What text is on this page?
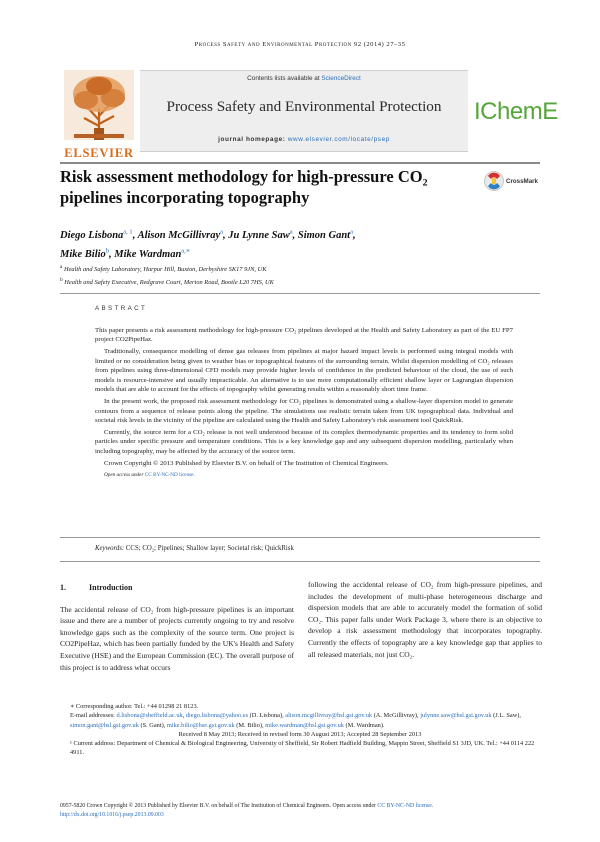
Process Safety and Environmental Protection 92 (2014) 27–35
ELSEVIER
Contents lists available at ScienceDirect
Process Safety and Environmental Protection
journal homepage: www.elsevier.com/locate/psep
IChemE
Risk assessment methodology for high-pressure CO₂ pipelines incorporating topography
CrossMark
Diego Lisbona$^{a, 1}$, Alison McGillivray$^a$, Ju Lynne Saw$^a$, Simon Gant$^a$,
Mike Bilio$^b$, Mike Wardman$^{a,∗}$
$^a$ Health and Safety Laboratory, Harpur Hill, Buxton, Derbyshire SK17 9JN, UK
$^b$ Health and Safety Executive, Redgrave Court, Merton Road, Bootle L20 7HS, UK
ABSTRACT

This paper presents a risk assessment methodology for high-pressure CO₂ pipelines developed at the Health and Safety Laboratory as part of the EU FP7 project CO2PipeHaz.

Traditionally, consequence modelling of dense gas releases from pipelines at major hazard impact levels is performed using integral models with limited or no consideration being given to weather bias or topographical features of the surrounding terrain. Whilst dispersion modelling of CO₂ releases from pipelines using three-dimensional CFD models may provide higher levels of confidence in the predicted behaviour of the cloud, the use of such models is resource-intensive and usually impracticable. An alternative is to use more computationally efficient shallow layer or Lagrangian dispersion models that are able to account for the effects of topography whilst generating results within a reasonably short time frame.

In the present work, the proposed risk assessment methodology for CO₂ pipelines is demonstrated using a shallow-layer dispersion model to generate contours from a sequence of release points along the pipeline. The simulations use realistic terrain taken from UK topographical data. Individual and societal risk levels in the vicinity of the pipeline are calculated using the Health and Safety Laboratory's risk assessment tool QuickRisk.

Currently, the source term for a CO₂ release is not well understood because of its complex thermodynamic properties and its tendency to form solid particles under specific pressure and temperature conditions. This is a key knowledge gap and any subsequent dispersion modelling, particularly when including topography, may be affected by the accuracy of the source term.

Crown Copyright © 2013 Published by Elsevier B.V. on behalf of The Institution of Chemical Engineers.

Open access under CC BY-NC-ND license.

Keywords: CCS; CO₂; Pipelines; Shallow layer; Societal risk; QuickRisk
1.	Introduction

The accidental release of CO₂ from high-pressure pipelines is an important issue and there are a number of projects currently ongoing to try and resolve knowledge gaps such as the complexity of the source term. One project is CO2PipeHaz, which has been partially funded by the UK's Health and Safety Executive (HSE) and the European Commission (EC). The overall purpose of this project is to address what occurs

following the accidental release of CO₂ from high-pressure pipelines, and includes the development of multi-phase heterogeneous discharge and dispersion models that are able to accurately model the formation of solid CO₂. This paper falls under Work Package 3, where there is an objective to develop a risk assessment methodology that incorporates topography. Currently the effects of topography are a key knowledge gap that applies to all released materials, not just CO₂.

∗ Corresponding author. Tel.: +44 01298 21 8123.
E-mail addresses: d.lisbona@sheffield.ac.uk, diego.lisbona@yahoo.es (D. Lisbona), alison.mcgillivray@hsl.gsi.gov.uk (A. McGillivray), julynne.saw@hsl.gsi.gov.uk (J.L. Saw), simon.gant@hsl.gsi.gov.uk (S. Gant), mike.bilio@hse.gsi.gov.uk (M. Bilio), mike.wardman@hsl.gsi.gov.uk (M. Wardman).
Received 8 May 2013; Received in revised form 30 August 2013; Accepted 28 September 2013
¹ Current address: Department of Chemical & Biological Engineering, University of Sheffield, Sir Robert Hadfield Building, Mappin Street, Sheffield S1 3JD, UK. Tel.: +44 0114 222 4911.
0957-5820 Crown Copyright © 2013 Published by Elsevier B.V. on behalf of The Institution of Chemical Engineers. Open access under CC BY-NC-ND license.
http://dx.doi.org/10.1016/j.psep.2013.09.003
